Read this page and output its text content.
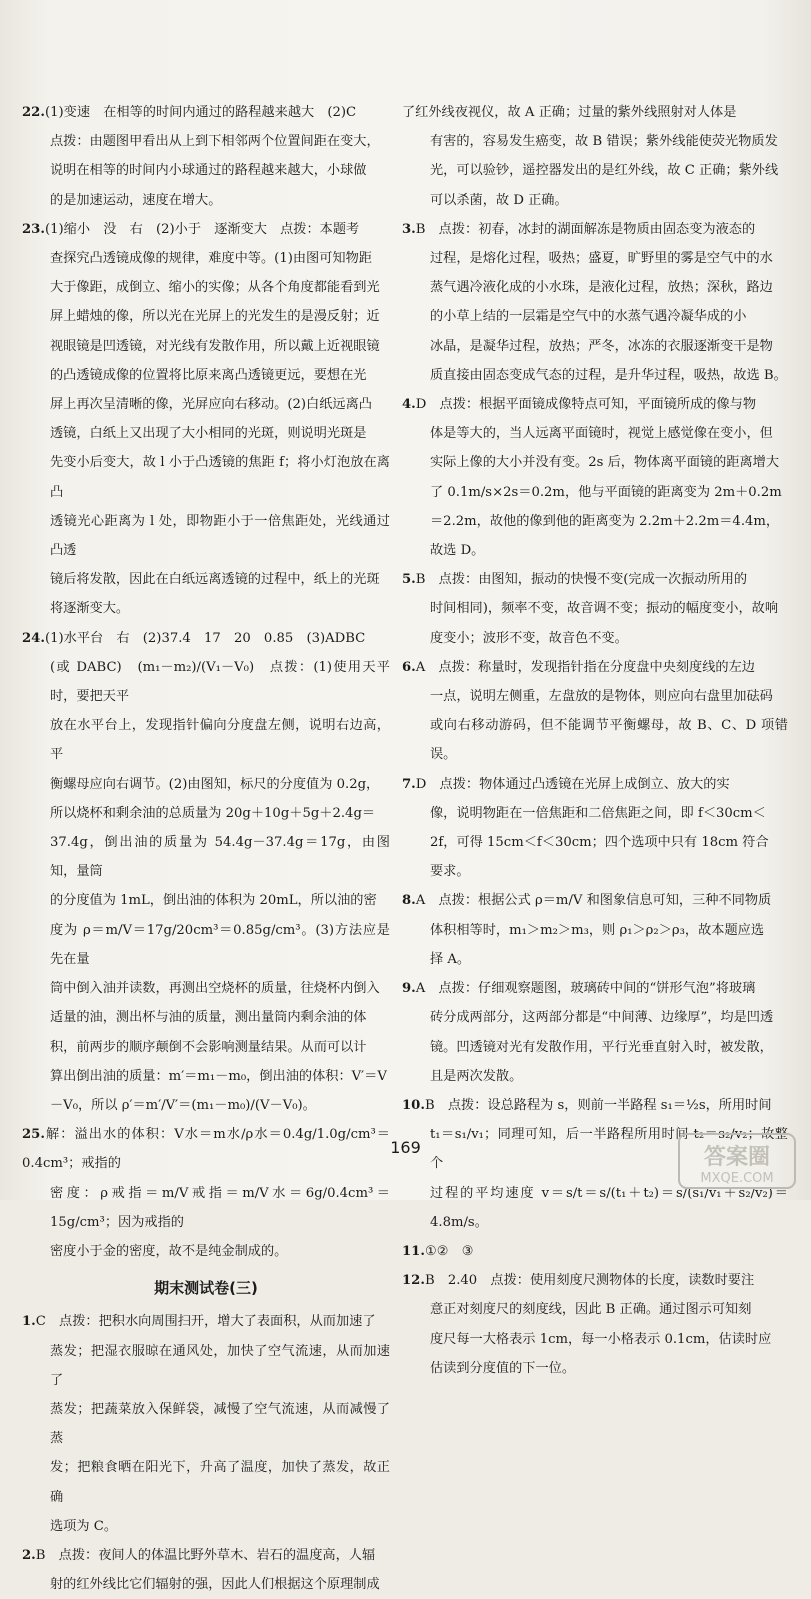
22.(1)变速　在相等的时间内通过的路程越来越大　(2)C
点拨：由题图甲看出从上到下相邻两个位置间距在变大，
说明在相等的时间内小球通过的路程越来越大，小球做
的是加速运动，速度在增大。
23.(1)缩小　没　右　(2)小于　逐渐变大　点拨：本题考
查探究凸透镜成像的规律，难度中等。(1)由图可知物距
大于像距，成倒立、缩小的实像；从各个角度都能看到光
屏上蜡烛的像，所以光在光屏上的光发生的是漫反射；近
视眼镜是凹透镜，对光线有发散作用，所以戴上近视眼镜
的凸透镜成像的位置将比原来离凸透镜更远，要想在光
屏上再次呈清晰的像，光屏应向右移动。(2)白纸远离凸
透镜，白纸上又出现了大小相同的光斑，则说明光斑是
先变小后变大，故 l 小于凸透镜的焦距 f；将小灯泡放在离凸
透镜光心距离为 l 处，即物距小于一倍焦距处，光线通过凸透
镜后将发散，因此在白纸远离透镜的过程中，纸上的光斑
将逐渐变大。
24.(1)水平台　右　(2)37.4　17　20　0.85　(3)ADBC
(或 DABC)　(m₁－m₂)/(V₁－V₀)　点拨：(1)使用天平时，要把天平
放在水平台上，发现指针偏向分度盘左侧，说明右边高，平
衡螺母应向右调节。(2)由图知，标尺的分度值为 0.2g，
所以烧杯和剩余油的总质量为 20g＋10g＋5g＋2.4g＝
37.4g，倒出油的质量为 54.4g－37.4g＝17g，由图知，量筒
的分度值为 1mL，倒出油的体积为 20mL，所以油的密
度为 ρ＝m/V＝17g/20cm³＝0.85g/cm³。(3)方法应是先在量
筒中倒入油并读数，再测出空烧杯的质量，往烧杯内倒入
适量的油，测出杯与油的质量，测出量筒内剩余油的体
积，前两步的顺序颠倒不会影响测量结果。从而可以计
算出倒出油的质量：m′＝m₁－m₀，倒出油的体积：V′＝V
－V₀，所以 ρ′＝m′/V′＝(m₁－m₀)/(V－V₀)。
25.解：溢出水的体积：V水＝m水/ρ水＝0.4g/1.0g/cm³＝0.4cm³；戒指的
密度：ρ戒指＝m/V戒指＝m/V水＝6g/0.4cm³＝15g/cm³；因为戒指的
密度小于金的密度，故不是纯金制成的。
期末测试卷(三)
1.C　点拨：把积水向周围扫开，增大了表面积，从而加速了
蒸发；把湿衣服晾在通风处，加快了空气流速，从而加速了
蒸发；把蔬菜放入保鲜袋，减慢了空气流速，从而减慢了蒸
发；把粮食晒在阳光下，升高了温度，加快了蒸发，故正确
选项为 C。
2.B　点拨：夜间人的体温比野外草木、岩石的温度高，人辐
射的红外线比它们辐射的强，因此人们根据这个原理制成
了红外线夜视仪，故 A 正确；过量的紫外线照射对人体是
有害的，容易发生癌变，故 B 错误；紫外线能使荧光物质发
光，可以验钞，遥控器发出的是红外线，故 C 正确；紫外线
可以杀菌，故 D 正确。
3.B　点拨：初春，冰封的湖面解冻是物质由固态变为液态的
过程，是熔化过程，吸热；盛夏，旷野里的雾是空气中的水
蒸气遇冷液化成的小水珠，是液化过程，放热；深秋，路边
的小草上结的一层霜是空气中的水蒸气遇冷凝华成的小
冰晶，是凝华过程，放热；严冬，冰冻的衣服逐渐变干是物
质直接由固态变成气态的过程，是升华过程，吸热，故选 B。
4.D　点拨：根据平面镜成像特点可知，平面镜所成的像与物
体是等大的，当人远离平面镜时，视觉上感觉像在变小，但
实际上像的大小并没有变。2s 后，物体离平面镜的距离增大
了 0.1m/s×2s＝0.2m，他与平面镜的距离变为 2m＋0.2m
＝2.2m，故他的像到他的距离变为 2.2m＋2.2m＝4.4m，
故选 D。
5.B　点拨：由图知，振动的快慢不变(完成一次振动所用的
时间相同)，频率不变，故音调不变；振动的幅度变小，故响
度变小；波形不变，故音色不变。
6.A　点拨：称量时，发现指针指在分度盘中央刻度线的左边
一点，说明左侧重，左盘放的是物体，则应向右盘里加砝码
或向右移动游码，但不能调节平衡螺母，故 B、C、D 项错误。
7.D　点拨：物体通过凸透镜在光屏上成倒立、放大的实
像，说明物距在一倍焦距和二倍焦距之间，即 f＜30cm＜
2f，可得 15cm＜f＜30cm；四个选项中只有 18cm 符合
要求。
8.A　点拨：根据公式 ρ＝m/V 和图象信息可知，三种不同物质
体积相等时，m₁＞m₂＞m₃，则 ρ₁＞ρ₂＞ρ₃，故本题应选
择 A。
9.A　点拨：仔细观察题图，玻璃砖中间的“饼形气泡”将玻璃
砖分成两部分，这两部分都是“中间薄、边缘厚”，均是凹透
镜。凹透镜对光有发散作用，平行光垂直射入时，被发散，
且是两次发散。
10.B　点拨：设总路程为 s，则前一半路程 s₁＝½s，所用时间
t₁＝s₁/v₁；同理可知，后一半路程所用时间 t₂＝s₂/v₂；故整个
过程的平均速度 v＝s/t＝s/(t₁＋t₂)＝s/(s₁/v₁＋s₂/v₂)＝4.8m/s。
11.①②　③
12.B　2.40　点拨：使用刻度尺测物体的长度，读数时要注
意正对刻度尺的刻度线，因此 B 正确。通过图示可知刻
度尺每一大格表示 1cm，每一小格表示 0.1cm，估读时应
估读到分度值的下一位。
169	答案圈
MXQE.COM
